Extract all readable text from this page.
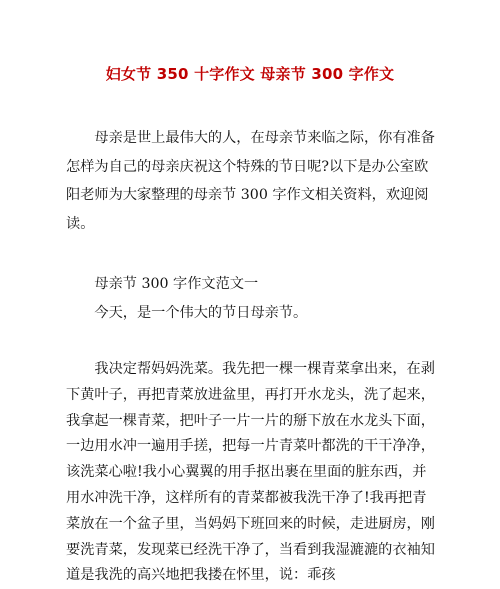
妇女节 350 十字作文 母亲节 300 字作文

母亲是世上最伟大的人，在母亲节来临之际，你有准备怎样为自己的母亲庆祝这个特殊的节日呢?以下是办公室欧阳老师为大家整理的母亲节 300 字作文相关资料，欢迎阅读。

母亲节 300 字作文范文一

今天，是一个伟大的节日母亲节。

我决定帮妈妈洗菜。我先把一棵一棵青菜拿出来，在剥下黄叶子，再把青菜放进盆里，再打开水龙头，洗了起来，我拿起一棵青菜，把叶子一片一片的掰下放在水龙头下面，一边用水冲一遍用手搓，把每一片青菜叶都洗的干干净净，该洗菜心啦!我小心翼翼的用手抠出裹在里面的脏东西，并用水冲洗干净，这样所有的青菜都被我洗干净了!我再把青菜放在一个盆子里，当妈妈下班回来的时候，走进厨房，刚要洗青菜，发现菜已经洗干净了，当看到我湿漉漉的衣袖知道是我洗的高兴地把我搂在怀里，说：乖孩
